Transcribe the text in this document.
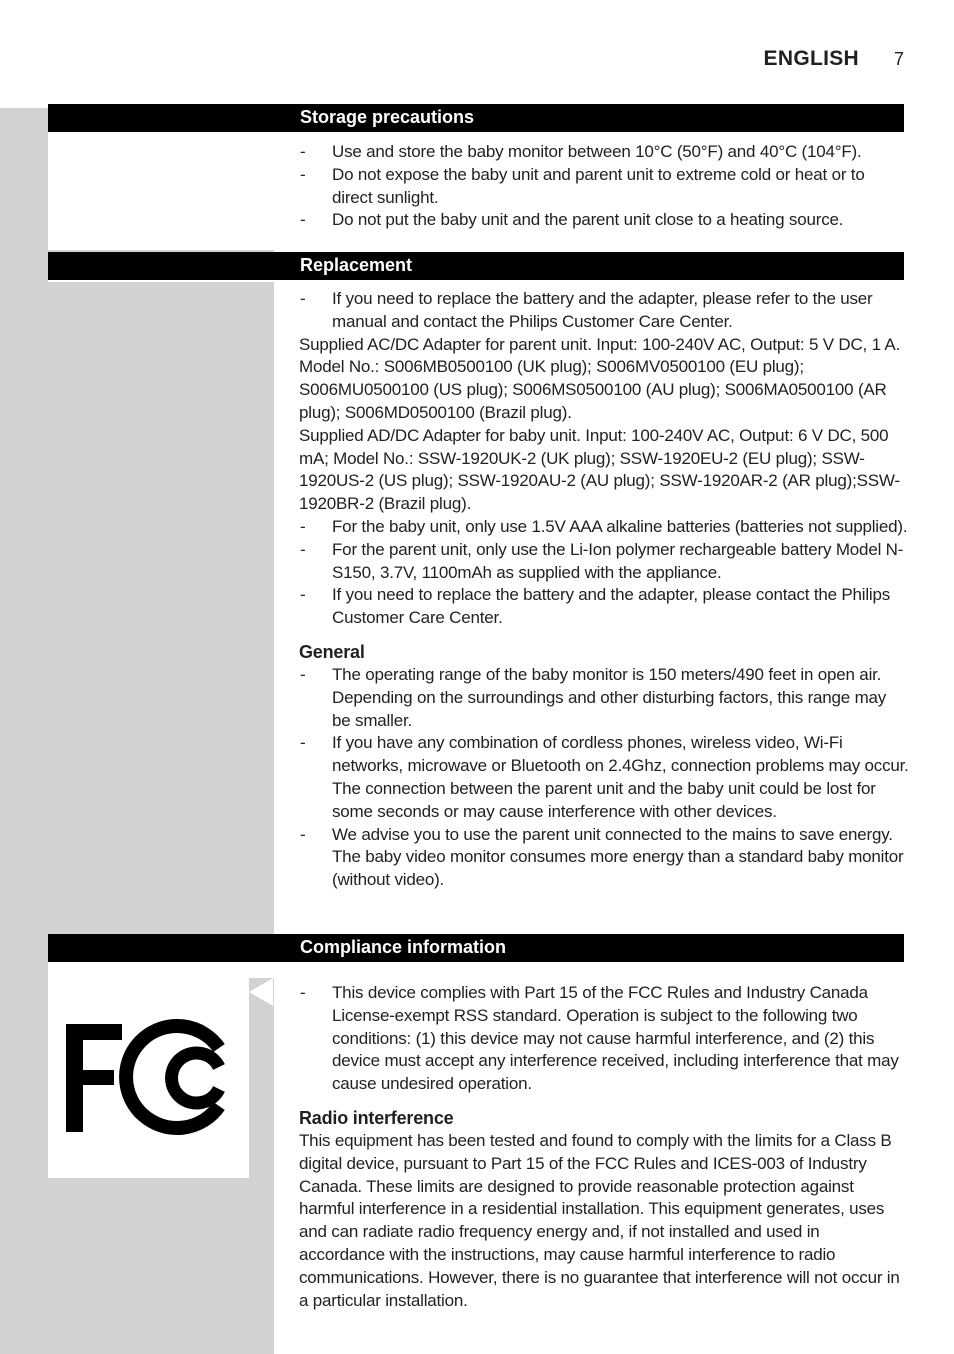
ENGLISH 7
Storage precautions
- Use and store the baby monitor between 10°C (50°F) and 40°C (104°F).
- Do not expose the baby unit and parent unit to extreme cold or heat or to direct sunlight.
- Do not put the baby unit and the parent unit close to a heating source.
Replacement
- If you need to replace the battery and the adapter, please refer to the user manual and contact the Philips Customer Care Center.

Supplied AC/DC Adapter for parent unit. Input: 100-240V AC, Output: 5 V DC, 1 A. Model No.: S006MB0500100 (UK plug); S006MV0500100 (EU plug); S006MU0500100 (US plug); S006MS0500100 (AU plug); S006MA0500100 (AR plug); S006MD0500100 (Brazil plug).

Supplied AD/DC Adapter for baby unit. Input: 100-240V AC, Output: 6 V DC, 500 mA; Model No.: SSW-1920UK-2 (UK plug); SSW-1920EU-2 (EU plug); SSW-1920US-2 (US plug); SSW-1920AU-2 (AU plug); SSW-1920AR-2 (AR plug);SSW-1920BR-2 (Brazil plug).

- For the baby unit, only use 1.5V AAA alkaline batteries (batteries not supplied).
- For the parent unit, only use the Li-Ion polymer rechargeable battery Model N-S150, 3.7V, 1100mAh as supplied with the appliance.
- If you need to replace the battery and the adapter, please contact the Philips Customer Care Center.
General
- The operating range of the baby monitor is 150 meters/490 feet in open air. Depending on the surroundings and other disturbing factors, this range may be smaller.
- If you have any combination of cordless phones, wireless video, Wi-Fi networks, microwave or Bluetooth on 2.4Ghz, connection problems may occur. The connection between the parent unit and the baby unit could be lost for some seconds or may cause interference with other devices.
- We advise you to use the parent unit connected to the mains to save energy. The baby video monitor consumes more energy than a standard baby monitor (without video).
Compliance information
- This device complies with Part 15 of the FCC Rules and Industry Canada License-exempt RSS standard. Operation is subject to the following two conditions: (1) this device may not cause harmful interference, and (2) this device must accept any interference received, including interference that may cause undesired operation.
Radio interference

This equipment has been tested and found to comply with the limits for a Class B digital device, pursuant to Part 15 of the FCC Rules and ICES-003 of Industry Canada. These limits are designed to provide reasonable protection against harmful interference in a residential installation. This equipment generates, uses and can radiate radio frequency energy and, if not installed and used in accordance with the instructions, may cause harmful interference to radio communications. However, there is no guarantee that interference will not occur in a particular installation.
